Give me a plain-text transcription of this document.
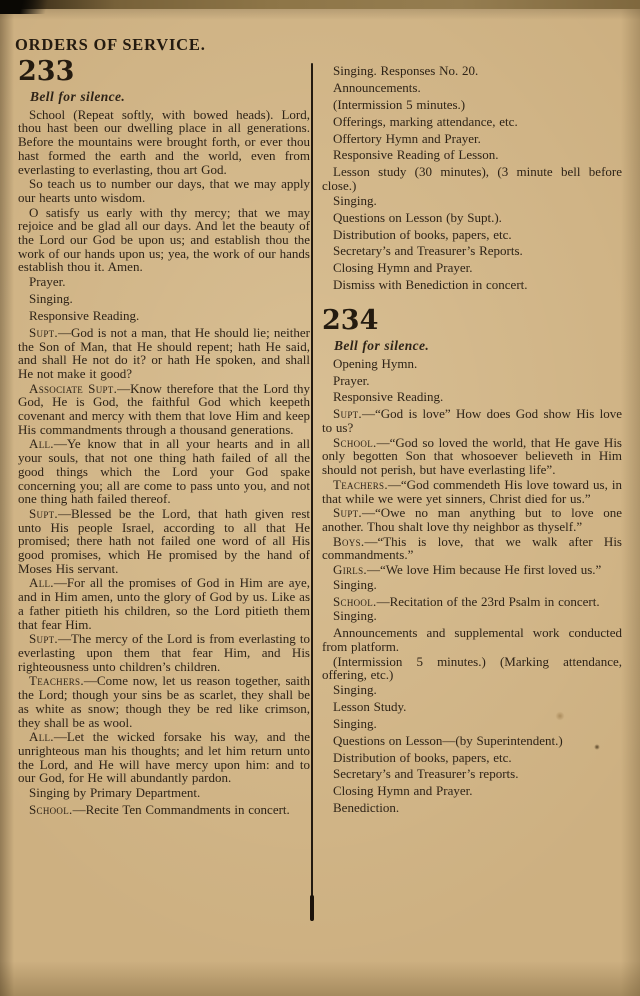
ORDERS OF SERVICE.
233
Bell for silence.

School (Repeat softly, with bowed heads). Lord, thou hast been our dwelling place in all generations. Before the mountains were brought forth, or ever thou hast formed the earth and the world, even from everlasting to everlasting, thou art God.

So teach us to number our days, that we may apply our hearts unto wisdom.

O satisfy us early with thy mercy; that we may rejoice and be glad all our days. And let the beauty of the Lord our God be upon us; and establish thou the work of our hands upon us; yea, the work of our hands establish thou it. Amen.

Prayer.
Singing.
Responsive Reading.

Supt.—God is not a man, that He should lie; neither the Son of Man, that He should repent; hath He said, and shall He not do it? or hath He spoken, and shall He not make it good?

Associate Supt.—Know therefore that the Lord thy God, He is God, the faithful God which keepeth covenant and mercy with them that love Him and keep His commandments through a thousand generations.

All.—Ye know that in all your hearts and in all your souls, that not one thing hath failed of all the good things which the Lord your God spake concerning you; all are come to pass unto you, and not one thing hath failed thereof.

Supt.—Blessed be the Lord, that hath given rest unto His people Israel, according to all that He promised; there hath not failed one word of all His good promises, which He promised by the hand of Moses His servant.

All.—For all the promises of God in Him are aye, and in Him amen, unto the glory of God by us. Like as a father pitieth his children, so the Lord pitieth them that fear Him.

Supt.—The mercy of the Lord is from everlasting to everlasting upon them that fear Him, and His righteousness unto children’s children.

Teachers.—Come now, let us reason together, saith the Lord; though your sins be as scarlet, they shall be as white as snow; though they be red like crimson, they shall be as wool.

All.—Let the wicked forsake his way, and the unrighteous man his thoughts; and let him return unto the Lord, and He will have mercy upon him: and to our God, for He will abundantly pardon.

Singing by Primary Department.

School.—Recite Ten Commandments in concert.

Singing. Responses No. 20.
Announcements.
(Intermission 5 minutes.)
Offerings, marking attendance, etc.
Offertory Hymn and Prayer.
Responsive Reading of Lesson.

Lesson study (30 minutes), (3 minute bell before close.)

Singing.
Questions on Lesson (by Supt.).
Distribution of books, papers, etc.
Secretary’s and Treasurer’s Reports.
Closing Hymn and Prayer.
Dismiss with Benediction in concert.
234
Bell for silence.
Opening Hymn.
Prayer.
Responsive Reading.

Supt.—“God is love” How does God show His love to us?

School.—“God so loved the world, that He gave His only begotten Son that whosoever believeth in Him should not perish, but have everlasting life”.

Teachers.—“God commendeth His love toward us, in that while we were yet sinners, Christ died for us.”

Supt.—“Owe no man anything but to love one another. Thou shalt love thy neighbor as thyself.”

Boys.—“This is love, that we walk after His commandments.”

Girls.—“We love Him because He first loved us.”

Singing.

School.—Recitation of the 23rd Psalm in concert.

Singing.

Announcements and supplemental work conducted from platform.

(Intermission 5 minutes.) (Marking attendance, offering, etc.)

Singing.
Lesson Study.
Singing.
Questions on Lesson—(by Superintendent.)
Distribution of books, papers, etc.
Secretary’s and Treasurer’s reports.
Closing Hymn and Prayer.
Benediction.
